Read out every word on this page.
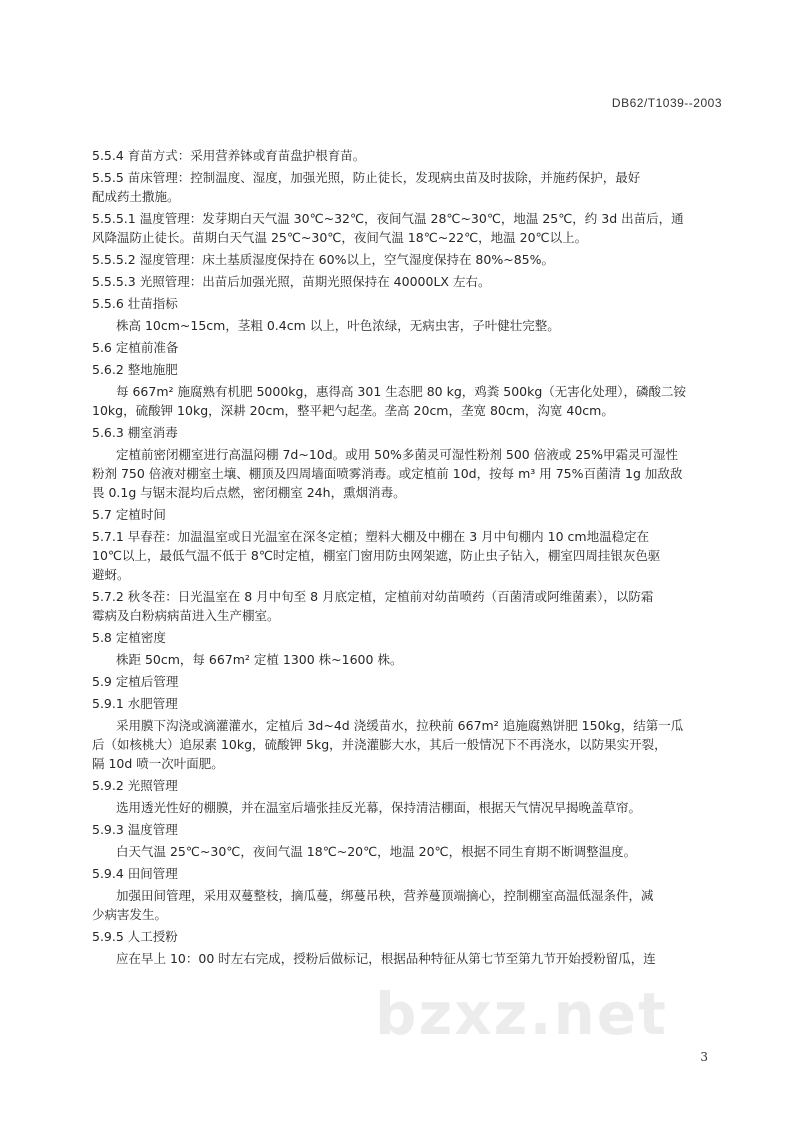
DB62/T1039--2003
5.5.4 育苗方式：采用营养钵或育苗盘护根育苗。
5.5.5 苗床管理：控制温度、湿度，加强光照，防止徒长，发现病虫苗及时拔除，并施药保护，最好
配成药土撒施。
5.5.5.1 温度管理：发芽期白天气温 30℃~32℃，夜间气温 28℃~30℃，地温 25℃，约 3d 出苗后，通
风降温防止徒长。苗期白天气温 25℃~30℃，夜间气温 18℃~22℃，地温 20℃以上。
5.5.5.2 湿度管理：床土基质湿度保持在 60%以上，空气湿度保持在 80%~85%。
5.5.5.3 光照管理：出苗后加强光照，苗期光照保持在 40000LX 左右。
5.5.6 壮苗指标
株高 10cm~15cm，茎粗 0.4cm 以上，叶色浓绿，无病虫害，子叶健壮完整。
5.6 定植前准备
5.6.2 整地施肥
每 667m² 施腐熟有机肥 5000kg，惠得高 301 生态肥 80 kg，鸡粪 500kg（无害化处理），磷酸二铵
10kg，硫酸钾 10kg，深耕 20cm，整平耙勺起垄。垄高 20cm，垄宽 80cm，沟宽 40cm。
5.6.3 棚室消毒
定植前密闭棚室进行高温闷棚 7d~10d。或用 50%多菌灵可湿性粉剂 500 倍液或 25%甲霜灵可湿性
粉剂 750 倍液对棚室土壤、棚顶及四周墙面喷雾消毒。或定植前 10d，按每 m³ 用 75%百菌清 1g 加敌敌
畏 0.1g 与锯末混均后点燃，密闭棚室 24h，熏烟消毒。
5.7 定植时间
5.7.1 早春茬：加温温室或日光温室在深冬定植；塑料大棚及中棚在 3 月中旬棚内 10 cm地温稳定在
10℃以上，最低气温不低于 8℃时定植，棚室门窗用防虫网架遮，防止虫子钻入，棚室四周挂银灰色驱
避蚜。
5.7.2 秋冬茬：日光温室在 8 月中旬至 8 月底定植，定植前对幼苗喷药（百菌清或阿维菌素），以防霜
霉病及白粉病病苗进入生产棚室。
5.8 定植密度
株距 50cm，每 667m² 定植 1300 株~1600 株。
5.9 定植后管理
5.9.1 水肥管理
采用膜下沟浇或滴灌灌水，定植后 3d~4d 浇缓苗水，拉秧前 667m² 追施腐熟饼肥 150kg，结第一瓜
后（如核桃大）追尿素 10kg，硫酸钾 5kg，并浇灌膨大水，其后一般情况下不再浇水，以防果实开裂，
隔 10d 喷一次叶面肥。
5.9.2 光照管理
选用透光性好的棚膜，并在温室后墙张挂反光幕，保持清洁棚面，根据天气情况早揭晚盖草帘。
5.9.3 温度管理
白天气温 25℃~30℃，夜间气温 18℃~20℃，地温 20℃，根据不同生育期不断调整温度。
5.9.4 田间管理
加强田间管理，采用双蔓整枝，摘瓜蔓，绑蔓吊秧，营养蔓顶端摘心，控制棚室高温低湿条件，减
少病害发生。
5.9.5 人工授粉
应在早上 10：00 时左右完成，授粉后做标记，根据品种特征从第七节至第九节开始授粉留瓜，连
bzxz.net
3
